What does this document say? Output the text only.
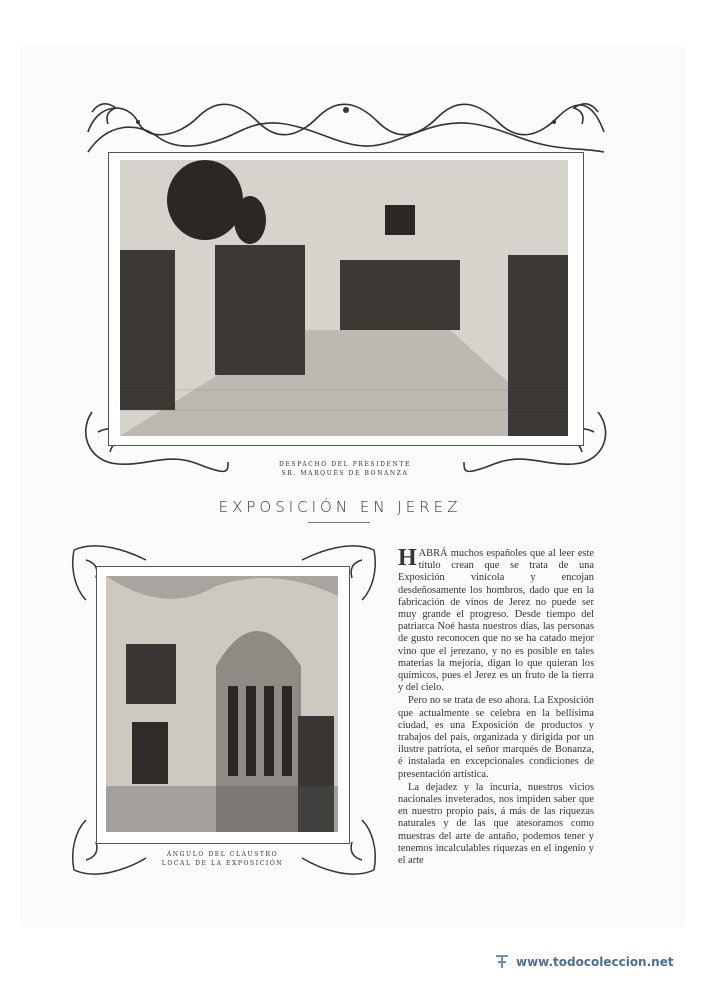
DESPACHO DEL PRESIDENTE
SR. MARQUÉS DE BONANZA
EXPOSICIÓN EN JEREZ
ÁNGULO DEL CLAUSTRO
LOCAL DE LA EXPOSICIÓN

HABRÁ muchos españoles que al leer este título crean que se trata de una Exposición vinícola y encojan desdeñosamente los hombros, dado que en la fabricación de vinos de Jerez no puede ser muy grande el progreso. Desde tiempo del patriarca Noé hasta nuestros días, las personas de gusto reconocen que no se ha catado mejor vino que el jerezano, y no es posible en tales materias la mejoría, digan lo que quieran los químicos, pues el Jerez es un fruto de la tierra y del cielo.

Pero no se trata de eso ahora. La Exposición que actualmente se celebra en la bellísima ciudad, es una Exposición de productos y trabajos del país, organizada y dirigida por un ilustre patriota, el señor marqués de Bonanza, é instalada en excepcionales condiciones de presentación artística.

La dejadez y la incuria, nuestros vicios nacionales inveterados, nos impiden saber que en nuestro propio país, á más de las riquezas naturales y de las que atesoramos como muestras del arte de antaño, podemos tener y tenemos incalculables riquezas en el ingenio y el arte

www.todocoleccion.net
